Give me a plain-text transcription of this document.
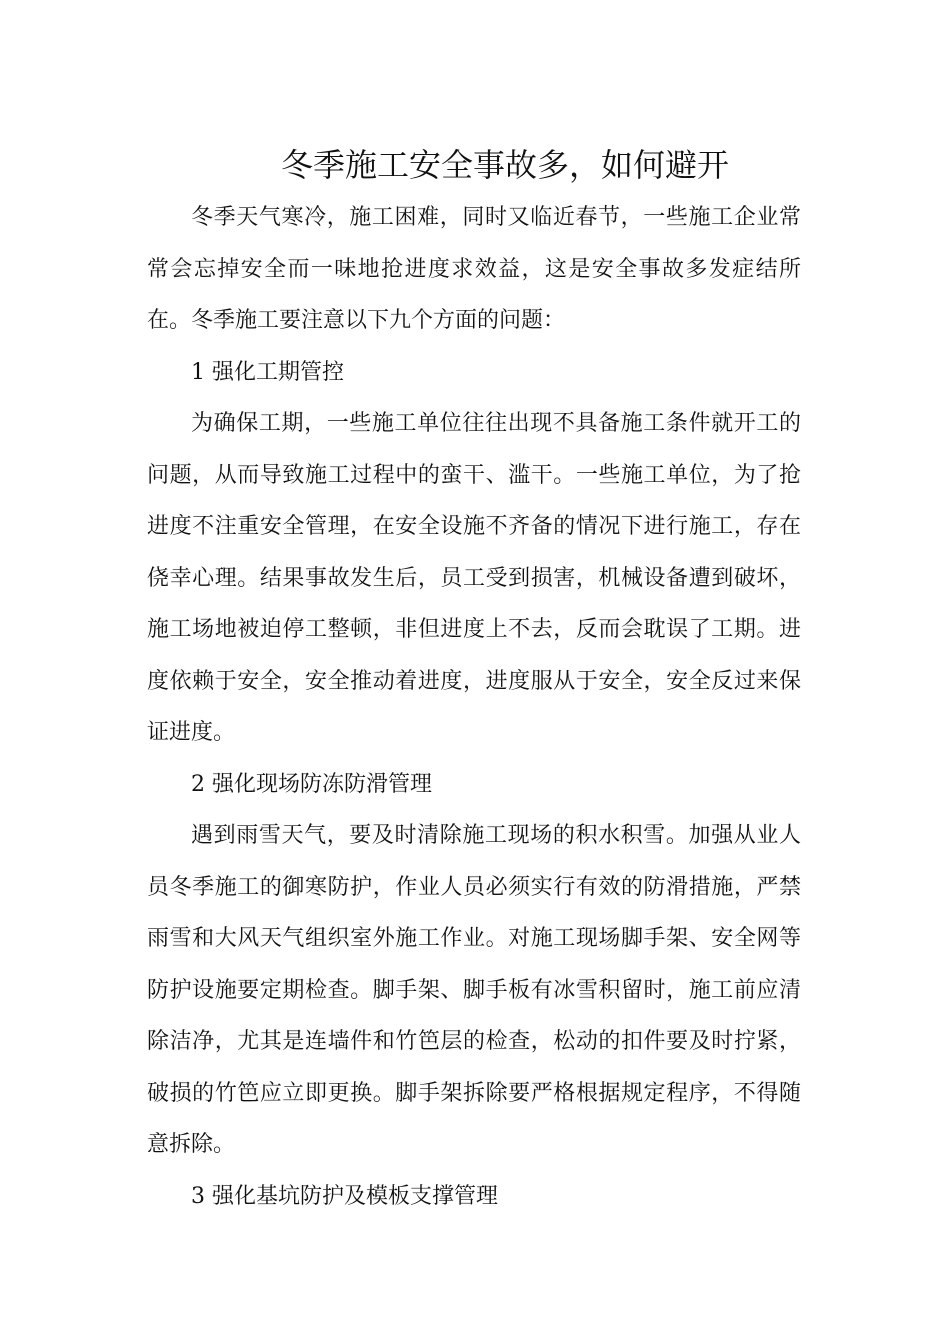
冬季施工安全事故多，如何避开

冬季天气寒冷，施工困难，同时又临近春节，一些施工企业常常会忘掉安全而一味地抢进度求效益，这是安全事故多发症结所在。冬季施工要注意以下九个方面的问题：

1 强化工期管控

为确保工期，一些施工单位往往出现不具备施工条件就开工的问题，从而导致施工过程中的蛮干、滥干。一些施工单位，为了抢进度不注重安全管理，在安全设施不齐备的情况下进行施工，存在侥幸心理。结果事故发生后，员工受到损害，机械设备遭到破坏，施工场地被迫停工整顿，非但进度上不去，反而会耽误了工期。进度依赖于安全，安全推动着进度，进度服从于安全，安全反过来保证进度。

2 强化现场防冻防滑管理

遇到雨雪天气，要及时清除施工现场的积水积雪。加强从业人员冬季施工的御寒防护，作业人员必须实行有效的防滑措施，严禁雨雪和大风天气组织室外施工作业。对施工现场脚手架、安全网等防护设施要定期检查。脚手架、脚手板有冰雪积留时，施工前应清除洁净，尤其是连墙件和竹笆层的检查，松动的扣件要及时拧紧，破损的竹笆应立即更换。脚手架拆除要严格根据规定程序，不得随意拆除。

3 强化基坑防护及模板支撑管理
